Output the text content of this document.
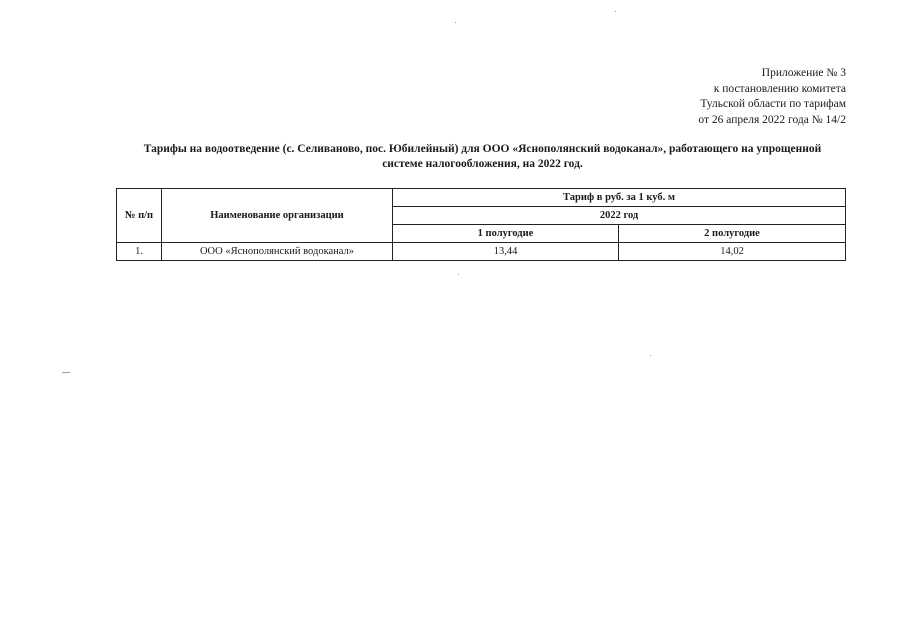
Приложение № 3
к постановлению комитета
Тульской области по тарифам
от 26 апреля 2022 года № 14/2
Тарифы на водоотведение (с. Селиваново, пос. Юбилейный) для ООО «Яснополянский водоканал», работающего на упрощенной
системе налогообложения, на 2022 год.
№ п/п	Наименование организации	Тариф в руб. за 1 куб. м	
		2022 год	
		1 полугодие	2 полугодие
1.	ООО «Яснополянский водоканал»	13,44	14,02
